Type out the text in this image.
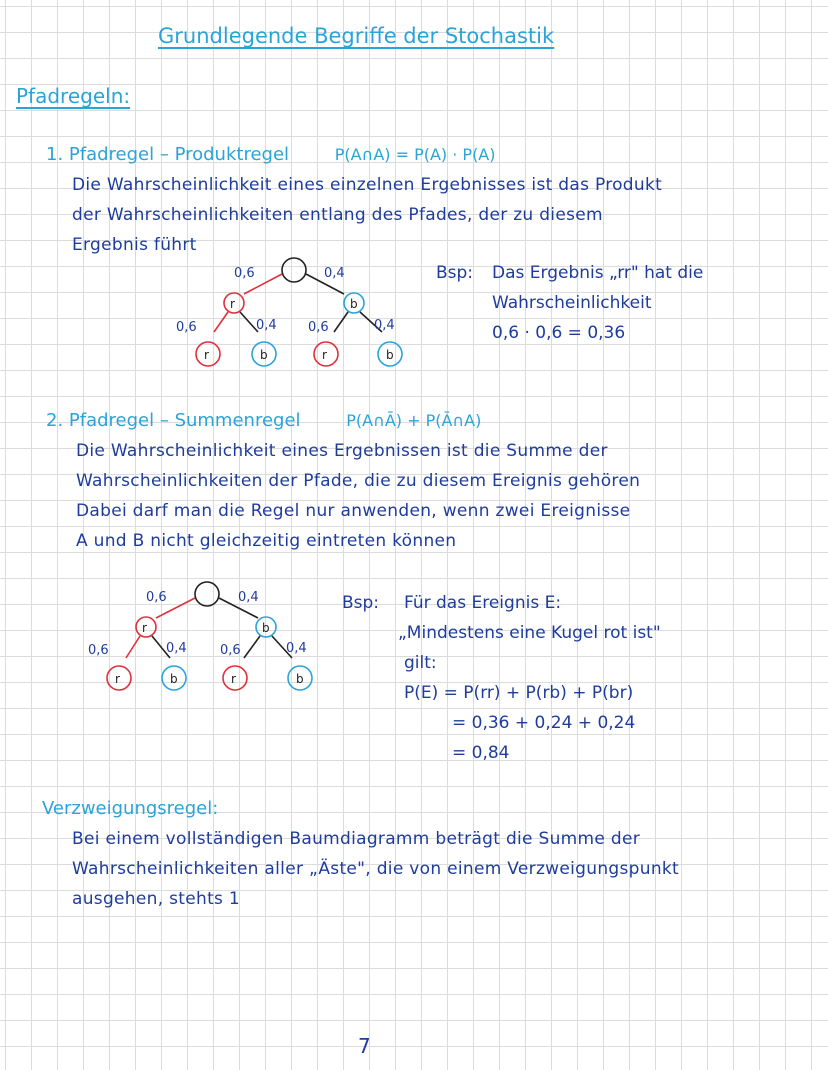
Grundlegende Begriffe der Stochastik
Pfadregeln:
1. Pfadregel – Produktregel	P(A∩A) = P(A) · P(A)
Die Wahrscheinlichkeit eines einzelnen Ergebnisses ist das Produkt
der Wahrscheinlichkeiten entlang des Pfades, der zu diesem
Ergebnis führt
0,6	0,4
r	b
0,6	0,4 0,6	0,4
r	b	r	b
Bsp: Das Ergebnis „rr" hat die
Wahrscheinlichkeit
0,6 · 0,6 = 0,36
2. Pfadregel – Summenregel	P(A∩Ā) + P(Ā∩A)
Die Wahrscheinlichkeit eines Ergebnissen ist die Summe der
Wahrscheinlichkeiten der Pfade, die zu diesem Ereignis gehören
Dabei darf man die Regel nur anwenden, wenn zwei Ereignisse
A und B nicht gleichzeitig eintreten können
0,6	0,4
r	b
0,6	0,4	0,6	0,4
r	b	r	b
Bsp: Für das Ereignis E:
„Mindestens eine Kugel rot ist"
gilt:
P(E) = P(rr) + P(rb) + P(br)
= 0,36 + 0,24 + 0,24
= 0,84
Verzweigungsregel:
Bei einem vollständigen Baumdiagramm beträgt die Summe der
Wahrscheinlichkeiten aller „Äste", die von einem Verzweigungspunkt
ausgehen, stehts 1
7
